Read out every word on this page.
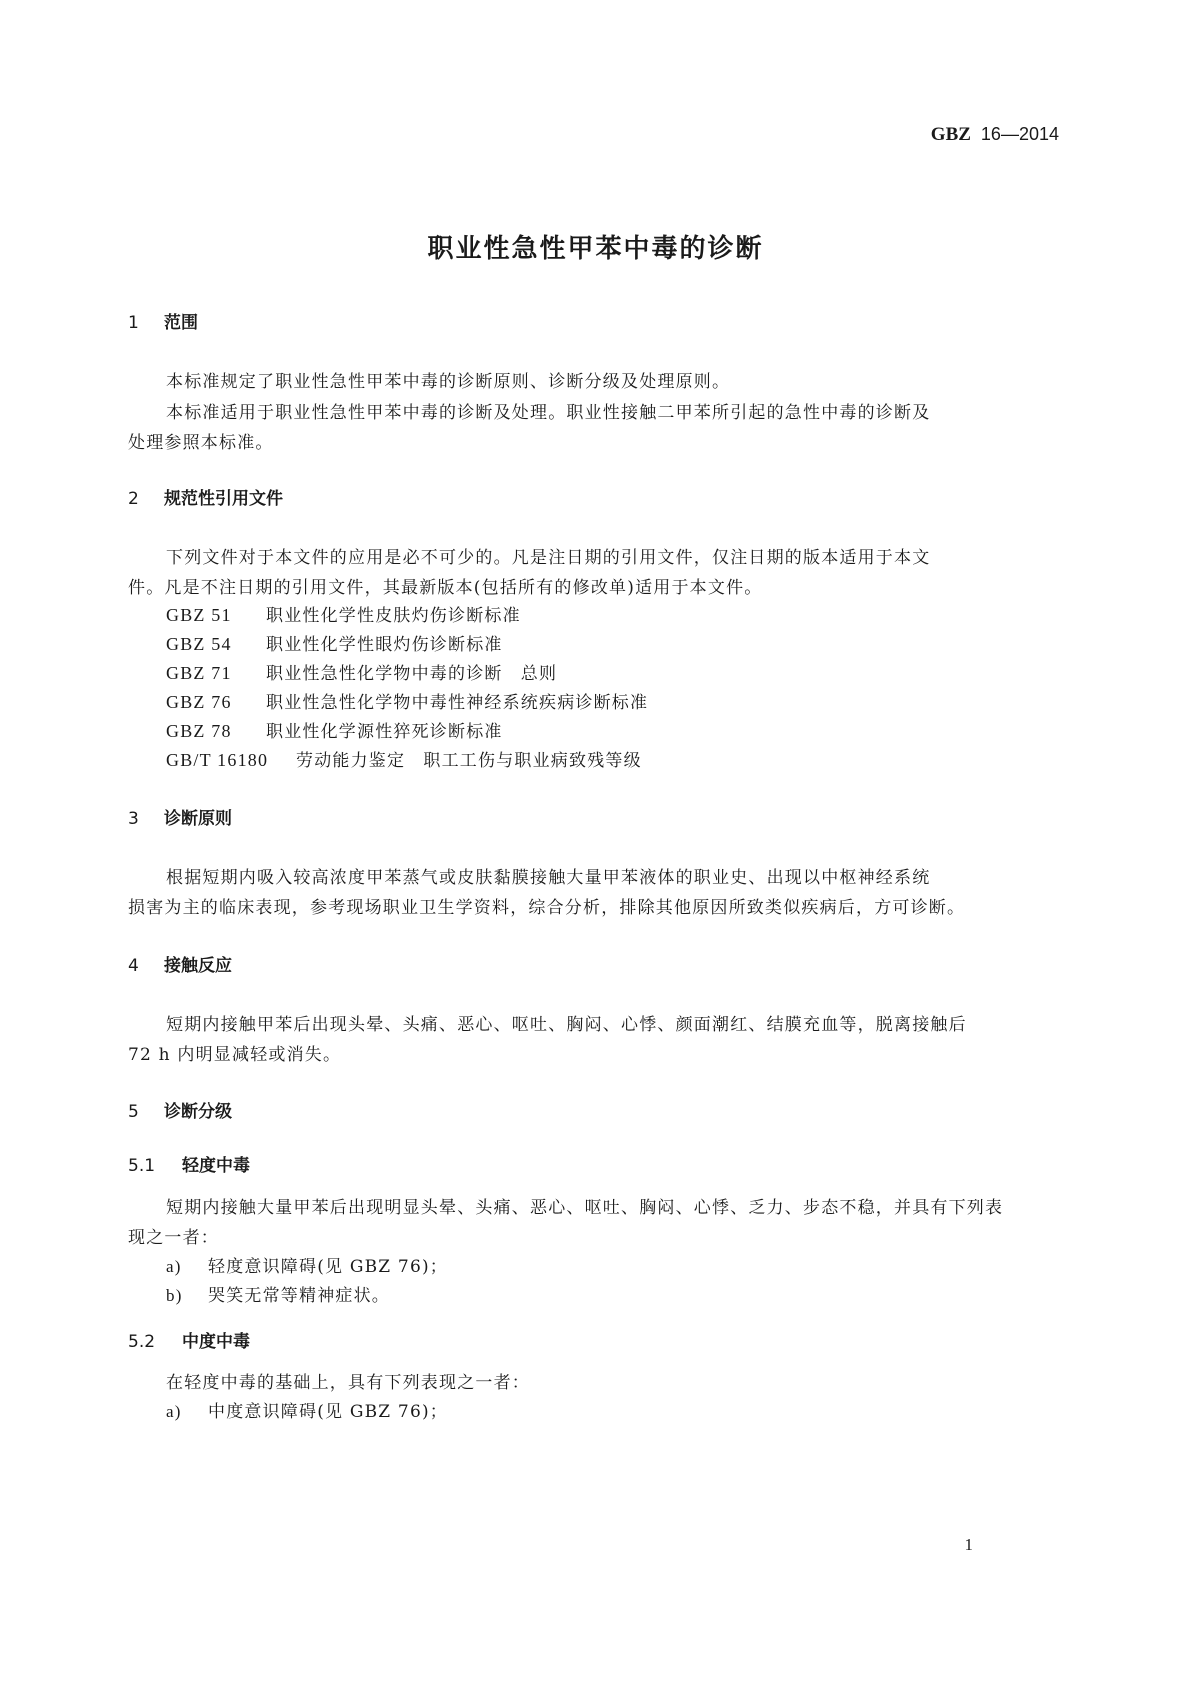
GBZ 16—2014
职业性急性甲苯中毒的诊断
1 范围
本标准规定了职业性急性甲苯中毒的诊断原则、诊断分级及处理原则。
本标准适用于职业性急性甲苯中毒的诊断及处理。职业性接触二甲苯所引起的急性中毒的诊断及
处理参照本标准。
2 规范性引用文件
下列文件对于本文件的应用是必不可少的。凡是注日期的引用文件，仅注日期的版本适用于本文
件。凡是不注日期的引用文件，其最新版本(包括所有的修改单)适用于本文件。
GBZ 51 职业性化学性皮肤灼伤诊断标准
GBZ 54 职业性化学性眼灼伤诊断标准
GBZ 71 职业性急性化学物中毒的诊断　总则
GBZ 76 职业性急性化学物中毒性神经系统疾病诊断标准
GBZ 78 职业性化学源性猝死诊断标准
GB/T 16180 劳动能力鉴定　职工工伤与职业病致残等级
3 诊断原则
根据短期内吸入较高浓度甲苯蒸气或皮肤黏膜接触大量甲苯液体的职业史、出现以中枢神经系统
损害为主的临床表现，参考现场职业卫生学资料，综合分析，排除其他原因所致类似疾病后，方可诊断。
4 接触反应
短期内接触甲苯后出现头晕、头痛、恶心、呕吐、胸闷、心悸、颜面潮红、结膜充血等，脱离接触后
72 h 内明显减轻或消失。
5 诊断分级
5.1 轻度中毒
短期内接触大量甲苯后出现明显头晕、头痛、恶心、呕吐、胸闷、心悸、乏力、步态不稳，并具有下列表
现之一者：
a) 轻度意识障碍(见 GBZ 76)；
b) 哭笑无常等精神症状。
5.2 中度中毒
在轻度中毒的基础上，具有下列表现之一者：
a) 中度意识障碍(见 GBZ 76)；
1
